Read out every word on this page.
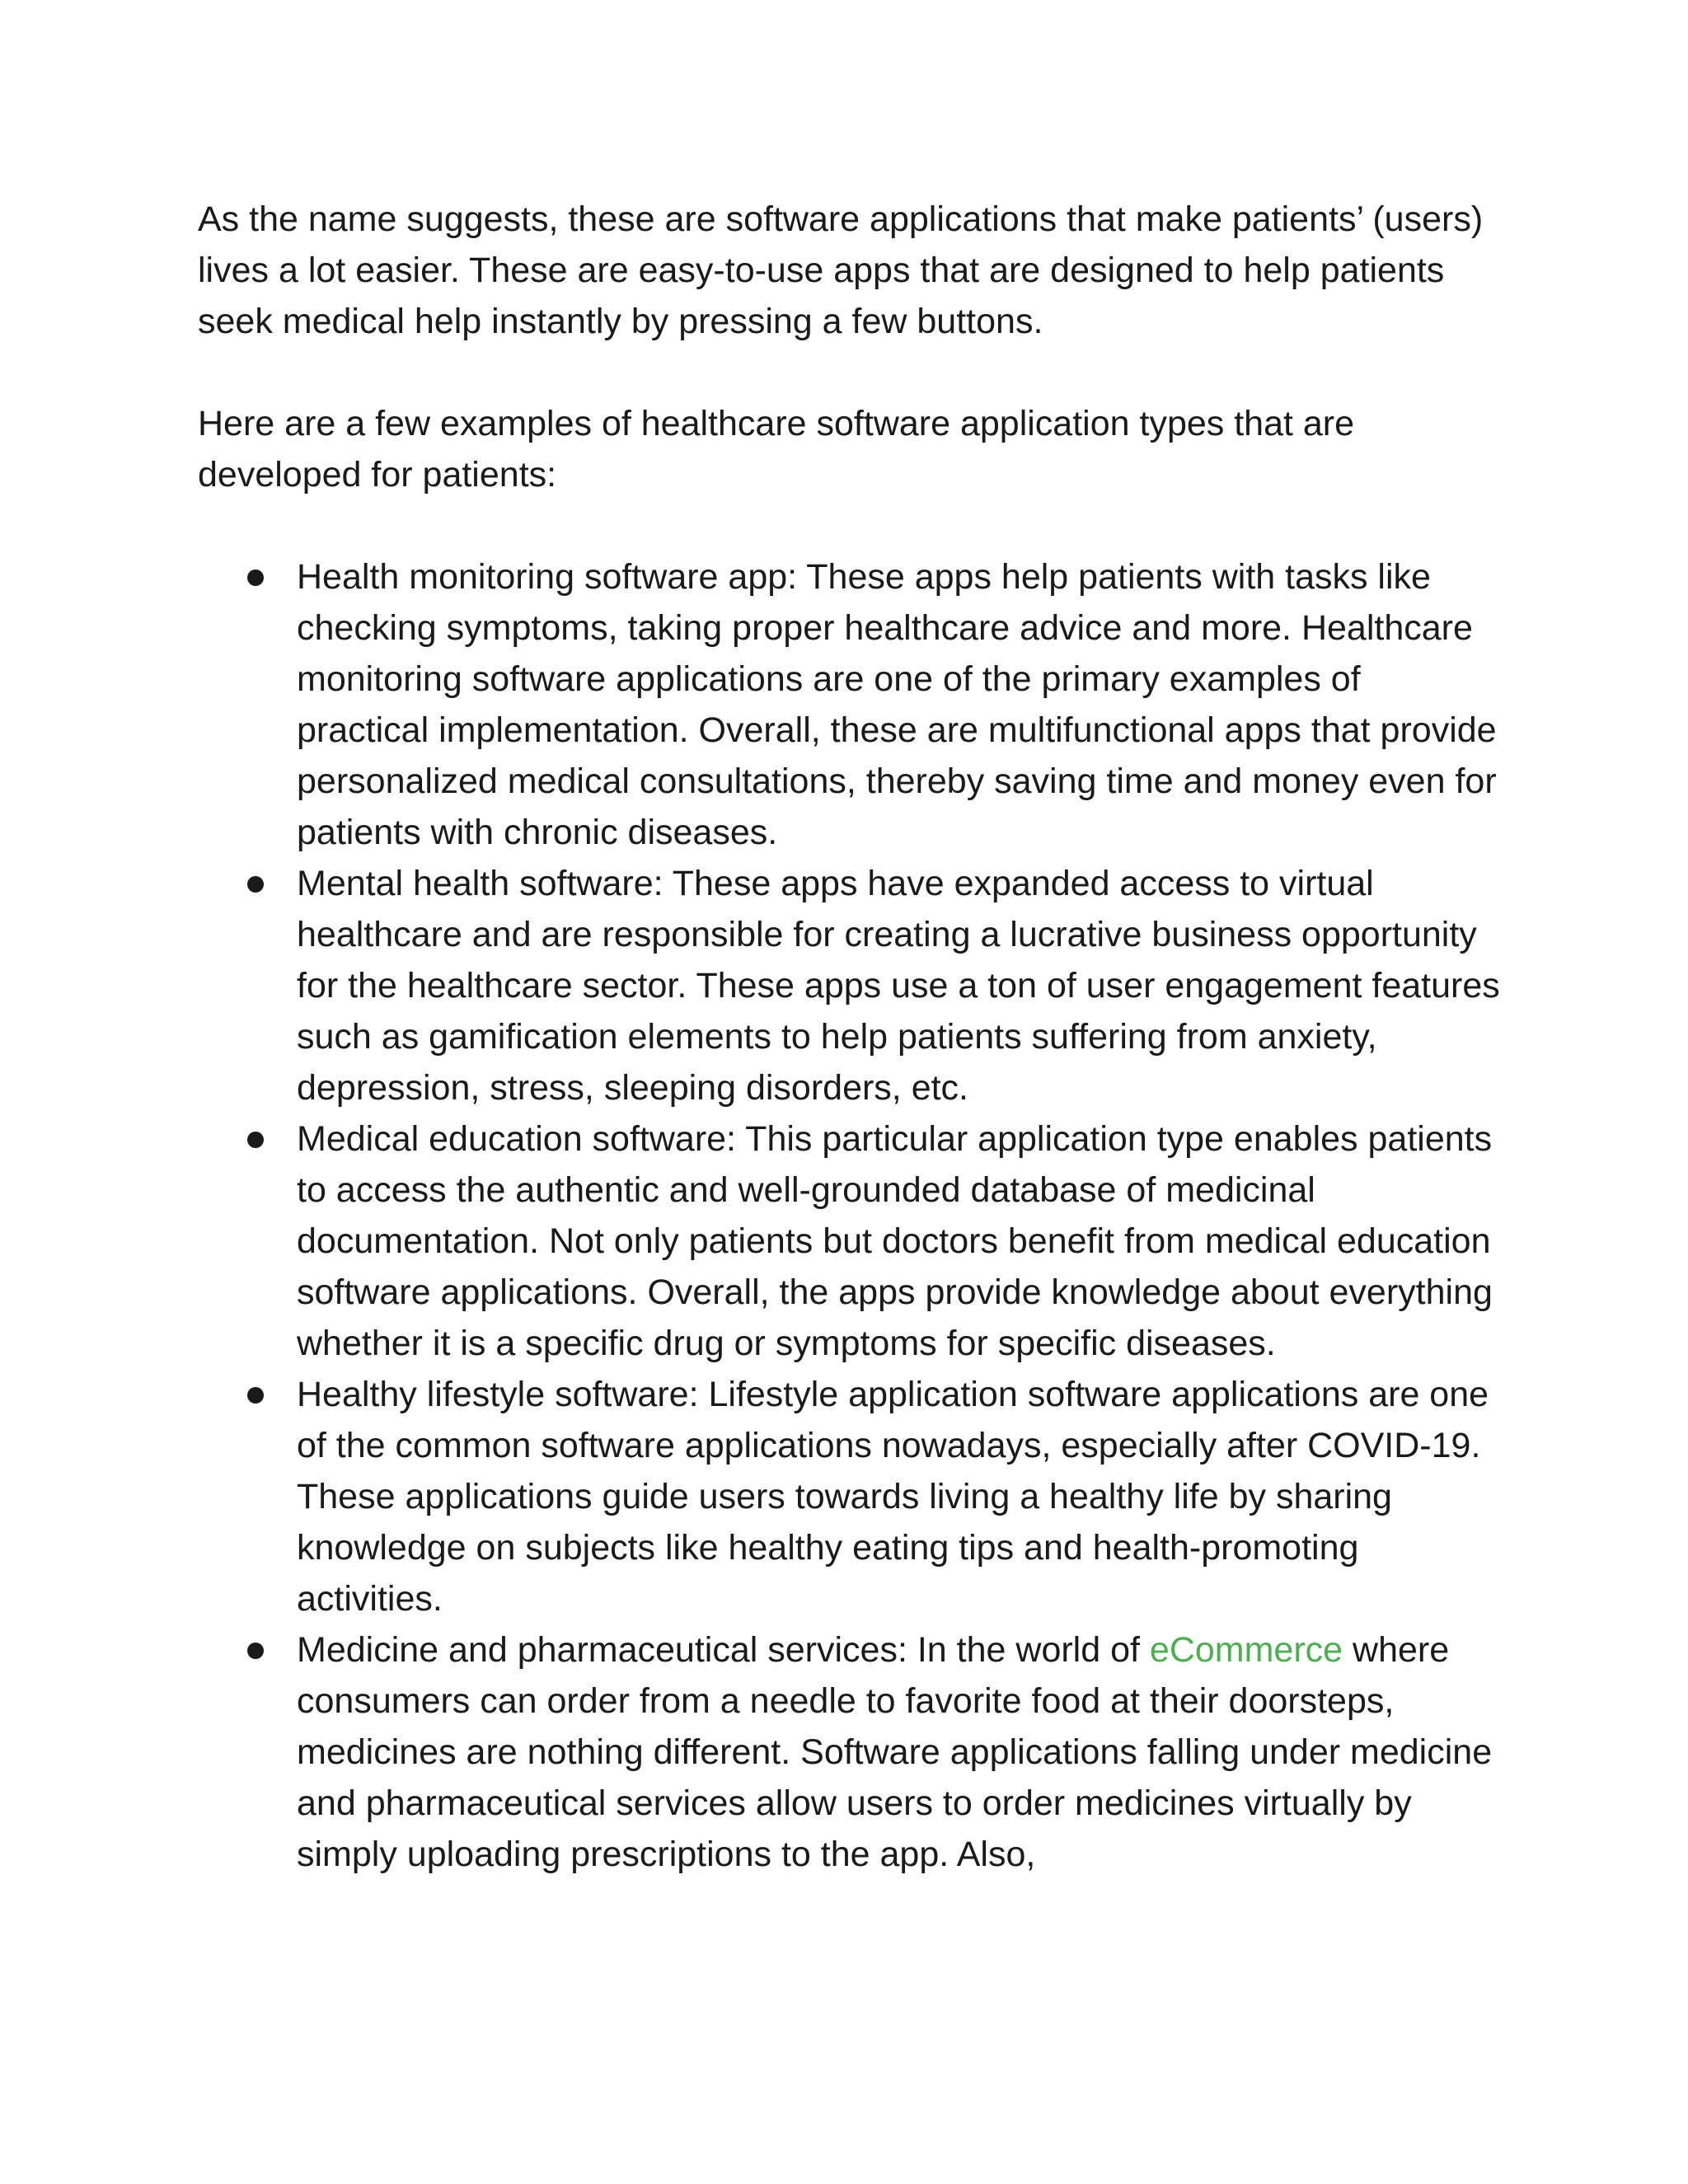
As the name suggests, these are software applications that make patients’ (users) lives a lot easier. These are easy-to-use apps that are designed to help patients seek medical help instantly by pressing a few buttons.

Here are a few examples of healthcare software application types that are developed for patients:

Health monitoring software app: These apps help patients with tasks like checking symptoms, taking proper healthcare advice and more. Healthcare monitoring software applications are one of the primary examples of practical implementation. Overall, these are multifunctional apps that provide personalized medical consultations, thereby saving time and money even for patients with chronic diseases.
Mental health software: These apps have expanded access to virtual healthcare and are responsible for creating a lucrative business opportunity for the healthcare sector. These apps use a ton of user engagement features such as gamification elements to help patients suffering from anxiety, depression, stress, sleeping disorders, etc.
Medical education software: This particular application type enables patients to access the authentic and well-grounded database of medicinal documentation. Not only patients but doctors benefit from medical education software applications. Overall, the apps provide knowledge about everything whether it is a specific drug or symptoms for specific diseases.
Healthy lifestyle software: Lifestyle application software applications are one of the common software applications nowadays, especially after COVID-19. These applications guide users towards living a healthy life by sharing knowledge on subjects like healthy eating tips and health-promoting activities.
Medicine and pharmaceutical services: In the world of eCommerce where consumers can order from a needle to favorite food at their doorsteps, medicines are nothing different. Software applications falling under medicine and pharmaceutical services allow users to order medicines virtually by simply uploading prescriptions to the app. Also,
